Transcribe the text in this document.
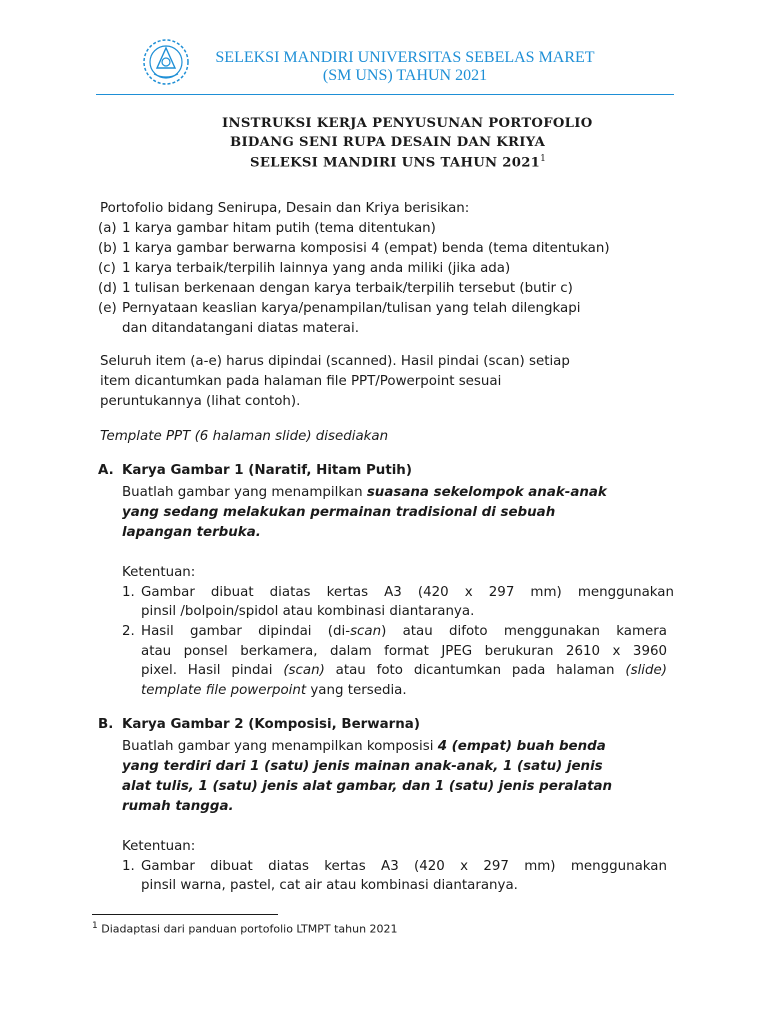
SELEKSI MANDIRI UNIVERSITAS SEBELAS MARET
(SM UNS) TAHUN 2021
INSTRUKSI KERJA PENYUSUNAN PORTOFOLIO
BIDANG SENI RUPA DESAIN DAN KRIYA
SELEKSI MANDIRI UNS TAHUN 2021$^1$
Portofolio bidang Senirupa, Desain dan Kriya berisikan:
(a) 1 karya gambar hitam putih (tema ditentukan)
(b) 1 karya gambar berwarna komposisi 4 (empat) benda (tema ditentukan)
(c) 1 karya terbaik/terpilih lainnya yang anda miliki (jika ada)
(d) 1 tulisan berkenaan dengan karya terbaik/terpilih tersebut (butir c)
(e) Pernyataan keaslian karya/penampilan/tulisan yang telah dilengkapi
dan ditandatangani diatas materai.
Seluruh item (a-e) harus dipindai (scanned). Hasil pindai (scan) setiap
item dicantumkan pada halaman file PPT/Powerpoint sesuai
peruntukannya (lihat contoh).
Template PPT (6 halaman slide) disediakan
A. Karya Gambar 1 (Naratif, Hitam Putih)
Buatlah gambar yang menampilkan suasana sekelompok anak-anak
yang sedang melakukan permainan tradisional di sebuah
lapangan terbuka.
Ketentuan:
1. Gambar dibuat diatas kertas A3 (420 x 297 mm) menggunakan
pinsil /bolpoin/spidol atau kombinasi diantaranya.
2. Hasil gambar dipindai (di-scan) atau difoto menggunakan kamera
atau ponsel berkamera, dalam format JPEG berukuran 2610 x 3960
pixel. Hasil pindai (scan) atau foto dicantumkan pada halaman (slide)
template file powerpoint yang tersedia.
B. Karya Gambar 2 (Komposisi, Berwarna)
Buatlah gambar yang menampilkan komposisi 4 (empat) buah benda
yang terdiri dari 1 (satu) jenis mainan anak-anak, 1 (satu) jenis
alat tulis, 1 (satu) jenis alat gambar, dan 1 (satu) jenis peralatan
rumah tangga.
Ketentuan:
1. Gambar dibuat diatas kertas A3 (420 x 297 mm) menggunakan
pinsil warna, pastel, cat air atau kombinasi diantaranya.
$^1$ Diadaptasi dari panduan portofolio LTMPT tahun 2021
